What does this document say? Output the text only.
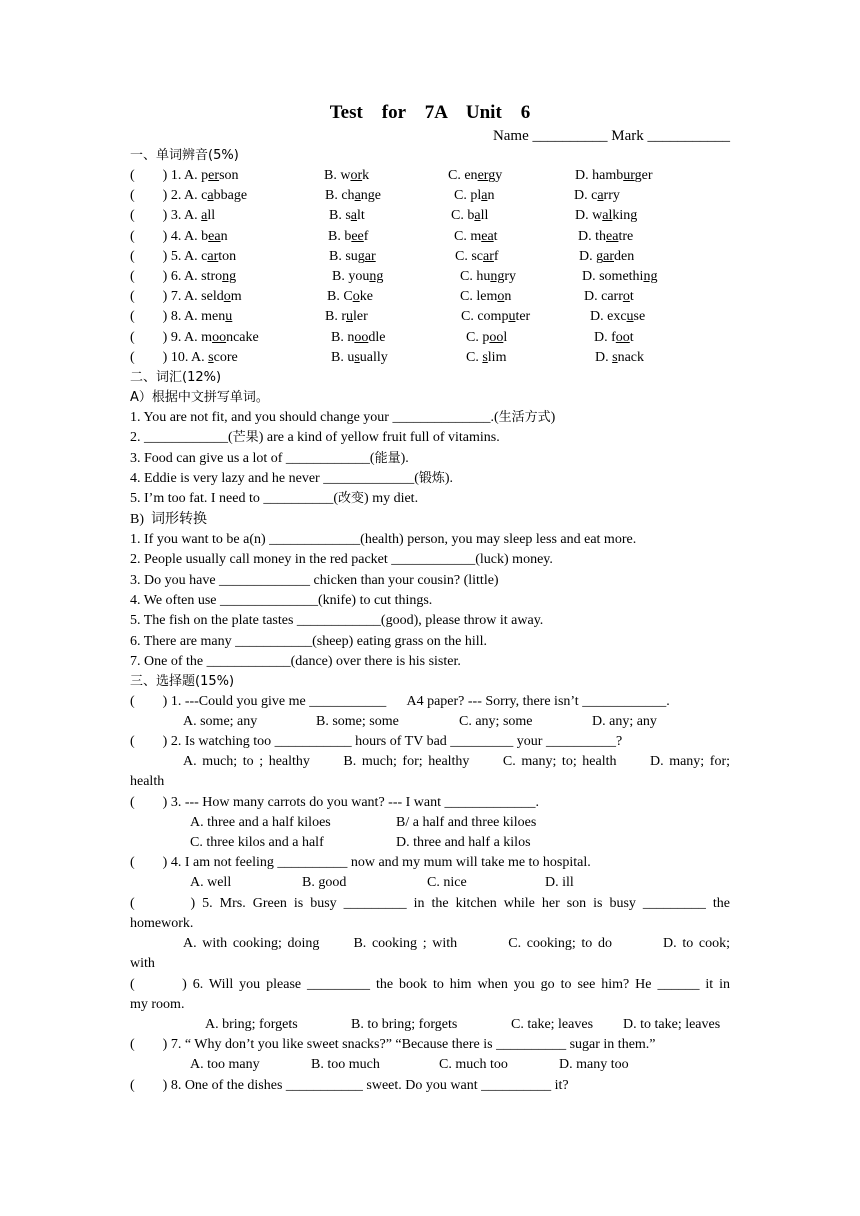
Test    for    7A    Unit    6
Name __________ Mark ___________
一、单词辨音(5%)
(        ) 1. A. person	B. work	C. energy	D. hamburger
(        ) 2. A. cabbage	B. change	C. plan	D. carry
(        ) 3. A. all	B. salt	C. ball	D. walking
(        ) 4. A. bean	B. beef	C. meat	D. theatre
(        ) 5. A. carton	B. sugar	C. scarf	D. garden
(        ) 6. A. strong	B. young	C. hungry	D. something
(        ) 7. A. seldom	B. Coke	C. lemon	D. carrot
(        ) 8. A. menu	B. ruler	C. computer	D. excuse
(        ) 9. A. mooncake	B. noodle	C. pool	D. foot
(        ) 10. A. score	B. usually	C. slim	D. snack
二、词汇(12%)
A）根据中文拼写单词。
1. You are not fit, and you should change your ______________.(生活方式)
2. ____________(芒果) are a kind of yellow fruit full of vitamins.
3. Food can give us a lot of ____________(能量).
4. Eddie is very lazy and he never _____________(锻炼).
5. I’m too fat. I need to __________(改变) my diet.
B)  词形转换
1. If you want to be a(n) _____________(health) person, you may sleep less and eat more.
2. People usually call money in the red packet ____________(luck) money.
3. Do you have _____________ chicken than your cousin? (little)
4. We often use ______________(knife) to cut things.
5. The fish on the plate tastes ____________(good), please throw it away.
6. There are many ___________(sheep) eating grass on the hill.
7. One of the ____________(dance) over there is his sister.
三、选择题(15%)
(        ) 1. ---Could you give me ___________      A4 paper? --- Sorry, there isn’t ____________.
A. some; any	B. some; some	C. any; some	D. any; any
(        ) 2. Is watching too ___________ hours of TV bad _________ your __________?
A. much; to ; healthy      B. much; for; healthy      C. many; to; health      D. many; for;
health
(        ) 3. --- How many carrots do you want? --- I want _____________.
A. three and a half kiloes	B/ a half and three kiloes
C. three kilos and a half	D. three and half a kilos
(        ) 4. I am not feeling __________ now and my mum will take me to hospital.
A. well	B. good	C. nice	D. ill
(        ) 5. Mrs. Green is busy _________ in the kitchen while her son is busy _________ the
homework.
A. with cooking; doing      B. cooking ; with         C. cooking; to do         D. to cook;
with
(        ) 6. Will you please _________ the book to him when you go to see him? He ______ it in
my room.
A. bring; forgets	B. to bring; forgets	C. take; leaves D. to take; leaves
(        ) 7. “ Why don’t you like sweet snacks?” “Because there is __________ sugar in them.”
A. too many	B. too much	C. much too	D. many too
(        ) 8. One of the dishes ___________ sweet. Do you want __________ it?
